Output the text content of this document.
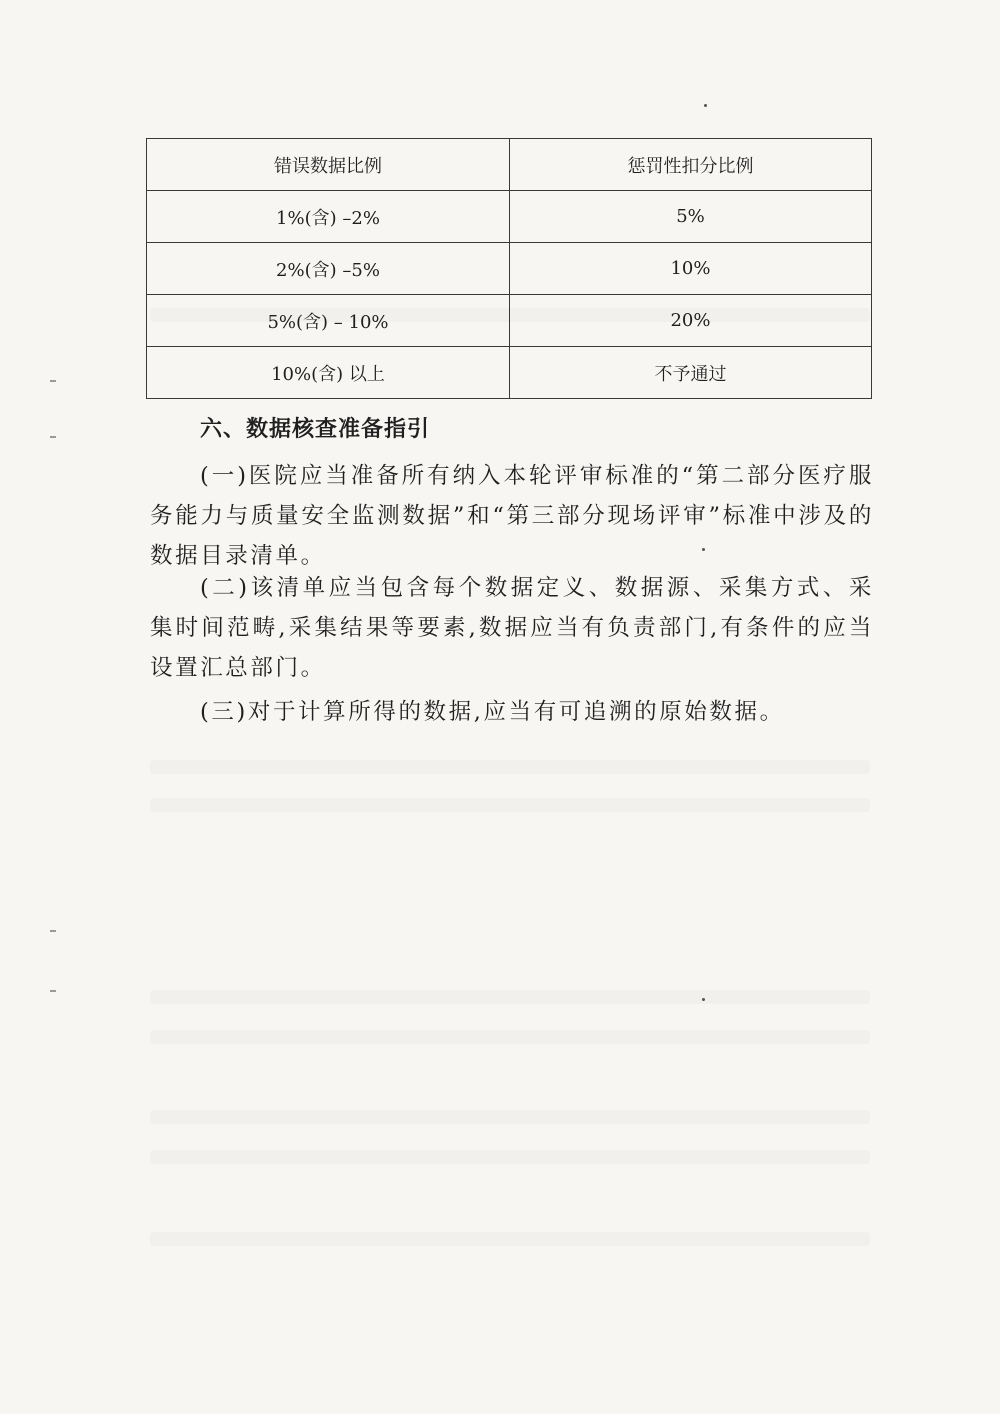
错误数据比例	惩罚性扣分比例
1%(含) –2%	5%
2%(含) –5%	10%
5%(含) – 10%	20%
10%(含) 以上	不予通过
六、数据核查准备指引

(一)医院应当准备所有纳入本轮评审标准的“第二部分医疗服务能力与质量安全监测数据”和“第三部分现场评审”标准中涉及的数据目录清单。

(二)该清单应当包含每个数据定义、数据源、采集方式、采集时间范畴,采集结果等要素,数据应当有负责部门,有条件的应当设置汇总部门。

(三)对于计算所得的数据,应当有可追溯的原始数据。
